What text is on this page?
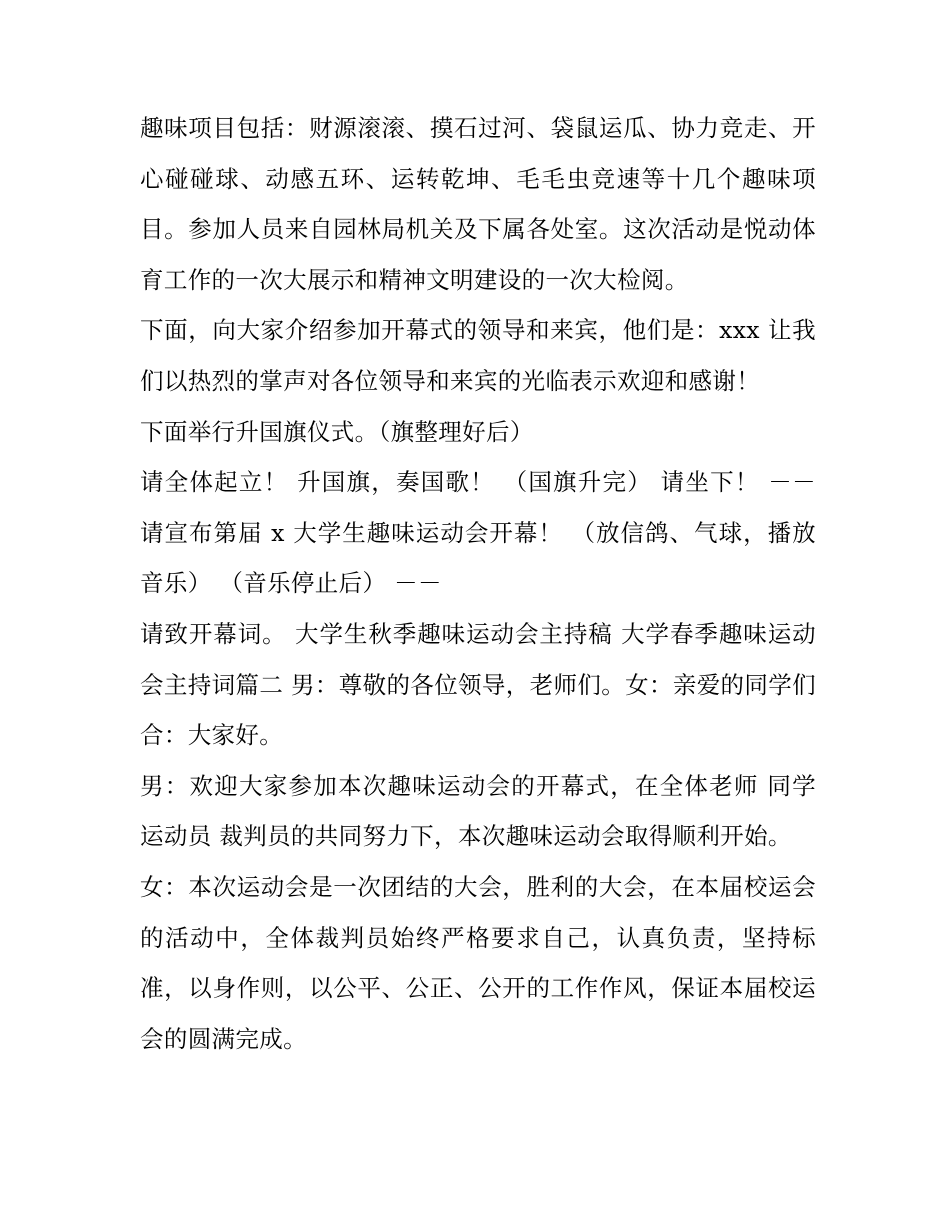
趣味项目包括：财源滚滚、摸石过河、袋鼠运瓜、协力竞走、开心碰碰球、动感五环、运转乾坤、毛毛虫竞速等十几个趣味项目。参加人员来自园林局机关及下属各处室。这次活动是悦动体育工作的一次大展示和精神文明建设的一次大检阅。

下面，向大家介绍参加开幕式的领导和来宾，他们是：xxx 让我们以热烈的掌声对各位领导和来宾的光临表示欢迎和感谢！

下面举行升国旗仪式。（旗整理好后）

请全体起立！ 升国旗，奏国歌！ （国旗升完） 请坐下！ －－ 请宣布第届 x 大学生趣味运动会开幕！ （放信鸽、气球，播放音乐） （音乐停止后） －－

请致开幕词。 大学生秋季趣味运动会主持稿 大学春季趣味运动会主持词篇二 男：尊敬的各位领导，老师们。女：亲爱的同学们 合：大家好。

男：欢迎大家参加本次趣味运动会的开幕式，在全体老师 同学 运动员 裁判员的共同努力下，本次趣味运动会取得顺利开始。

女：本次运动会是一次团结的大会，胜利的大会，在本届校运会的活动中，全体裁判员始终严格要求自己，认真负责，坚持标准，以身作则，以公平、公正、公开的工作作风，保证本届校运会的圆满完成。
